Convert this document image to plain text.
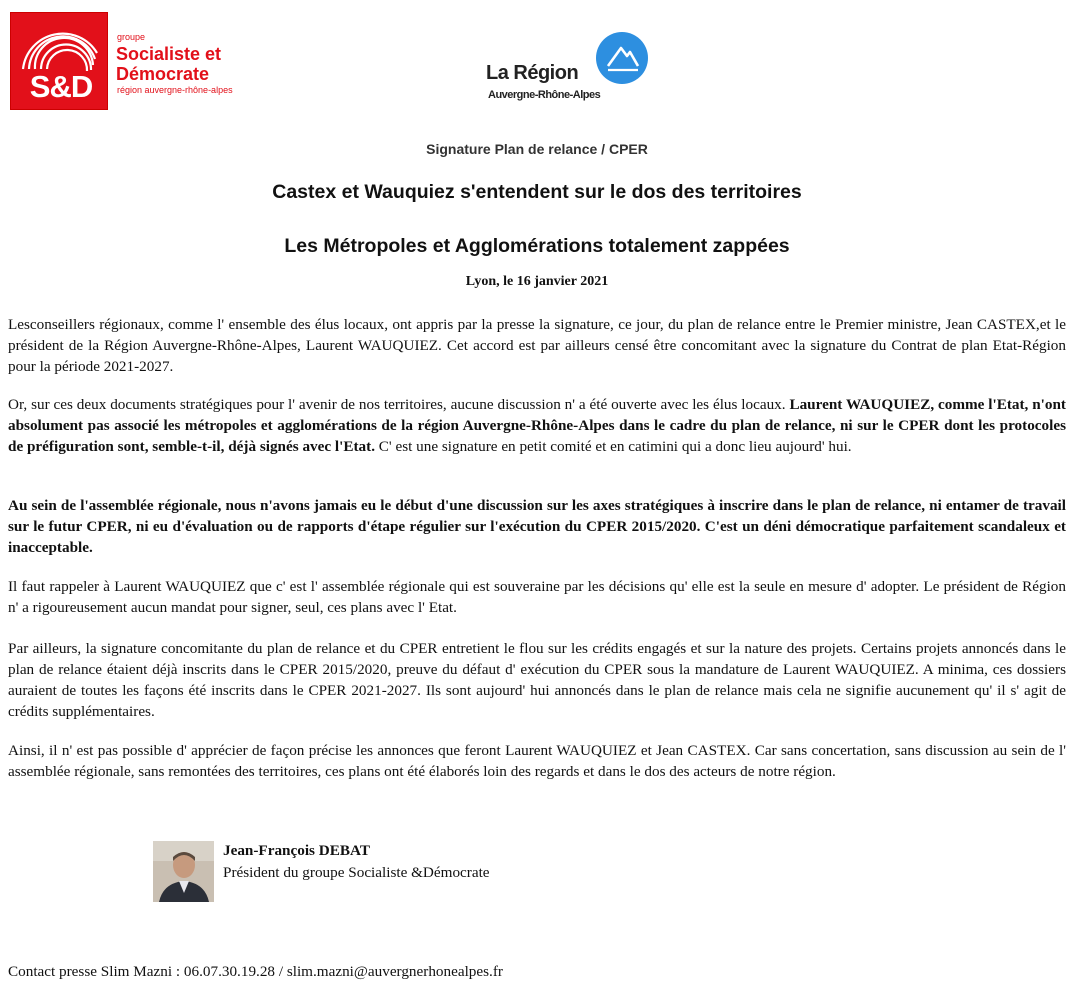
S&D
groupe
Socialiste et
Démocrate
région auvergne-rhône-alpes
La Région
Auvergne-Rhône-Alpes
Signature Plan de relance / CPER
Castex et Wauquiez s'entendent sur le dos des territoires
Les Métropoles et Agglomérations totalement zappées
Lyon, le 16 janvier 2021

Lesconseillers régionaux, comme l' ensemble des élus locaux, ont appris par la presse la signature, ce jour, du plan de relance entre le Premier ministre, Jean CASTEX,et le président de la Région Auvergne-Rhône-Alpes, Laurent WAUQUIEZ. Cet accord est par ailleurs censé être concomitant avec la signature du Contrat de plan Etat-Région pour la période 2021-2027.

Or, sur ces deux documents stratégiques pour l' avenir de nos territoires, aucune discussion n' a été ouverte avec les élus locaux. Laurent WAUQUIEZ, comme l'Etat, n'ont absolument pas associé les métropoles et agglomérations de la région Auvergne-Rhône-Alpes dans le cadre du plan de relance, ni sur le CPER dont les protocoles de préfiguration sont, semble-t-il, déjà signés avec l'Etat. C' est une signature en petit comité et en catimini qui a donc lieu aujourd' hui.

Au sein de l'assemblée régionale, nous n'avons jamais eu le début d'une discussion sur les axes stratégiques à inscrire dans le plan de relance, ni entamer de travail sur le futur CPER, ni eu d'évaluation ou de rapports d'étape régulier sur l'exécution du CPER 2015/2020. C'est un déni démocratique parfaitement scandaleux et inacceptable.

Il faut rappeler à Laurent WAUQUIEZ que c' est l' assemblée régionale qui est souveraine par les décisions qu' elle est la seule en mesure d' adopter. Le président de Région n' a rigoureusement aucun mandat pour signer, seul, ces plans avec l' Etat.

Par ailleurs, la signature concomitante du plan de relance et du CPER entretient le flou sur les crédits engagés et sur la nature des projets. Certains projets annoncés dans le plan de relance étaient déjà inscrits dans le CPER 2015/2020, preuve du défaut d' exécution du CPER sous la mandature de Laurent WAUQUIEZ. A minima, ces dossiers auraient de toutes les façons été inscrits dans le CPER 2021-2027. Ils sont aujourd' hui annoncés dans le plan de relance mais cela ne signifie aucunement qu' il s' agit de crédits supplémentaires.

Ainsi, il n' est pas possible d' apprécier de façon précise les annonces que feront Laurent WAUQUIEZ et Jean CASTEX. Car sans concertation, sans discussion au sein de l' assemblée régionale, sans remontées des territoires, ces plans ont été élaborés loin des regards et dans le dos des acteurs de notre région.

Jean-François DEBAT
Président du groupe Socialiste &Démocrate
Contact presse Slim Mazni : 06.07.30.19.28 / slim.mazni@auvergnerhonealpes.fr
